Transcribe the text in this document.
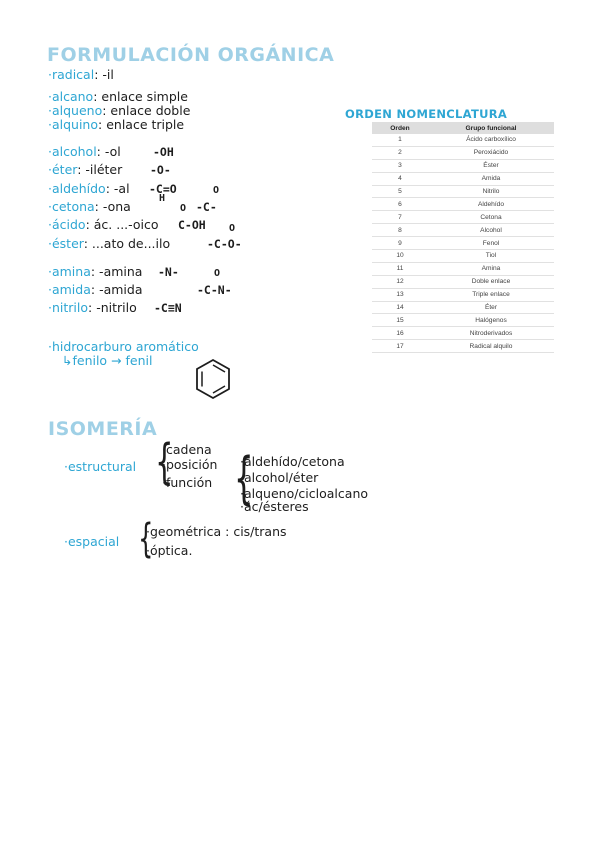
FORMULACIÓN ORGÁNICA
·radical: -il
·alcano: enlace simple
·alqueno: enlace doble
·alquino: enlace triple
·alcohol: -ol	-OH
·éter: -iléter -O-
·aldehído: -al -C=O
H
O
·cetona: -ona	-C-
O
·ácido: ác. ...-oico C-OH O
·éster: ...ato de...ilo	-C-O-
·amina: -amina -N-	O
·amida: -amida	-C-N-
·nitrilo: -nitrilo -C≡N
·hidrocarburo aromático
↳fenilo → fenil
ORDEN NOMENCLATURA
Orden	Grupo funcional
1	Ácido carboxílico
2	Peroxiácido
3	Éster
4	Amida
5	Nitrilo
6	Aldehído
7	Cetona
8	Alcohol
9	Fenol
10	Tiol
11	Amina
12	Doble enlace
13	Triple enlace
14	Éter
15	Halógenos
16	Nitroderivados
17	Radical alquilo
ISOMERÍA
·estructural {
·cadena
·posición
·función {
·aldehído/cetona
·alcohol/éter
·alqueno/cicloalcano
·ác/ésteres
·espacial {
·geométrica : cis/trans
·óptica.
